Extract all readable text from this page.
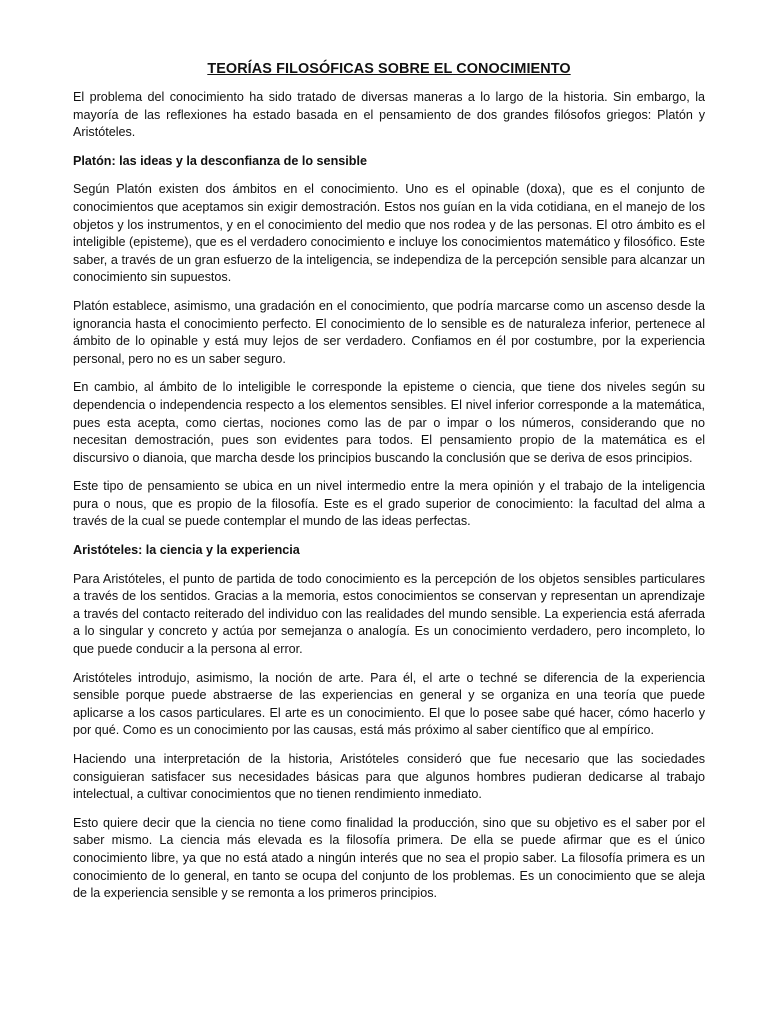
TEORÍAS FILOSÓFICAS SOBRE EL CONOCIMIENTO

El problema del conocimiento ha sido tratado de diversas maneras a lo largo de la historia. Sin embargo, la mayoría de las reflexiones ha estado basada en el pensamiento de dos grandes filósofos griegos: Platón y Aristóteles.

Platón: las ideas y la desconfianza de lo sensible

Según Platón existen dos ámbitos en el conocimiento. Uno es el opinable (doxa), que es el conjunto de conocimientos que aceptamos sin exigir demostración. Estos nos guían en la vida cotidiana, en el manejo de los objetos y los instrumentos, y en el conocimiento del medio que nos rodea y de las personas. El otro ámbito es el inteligible (episteme), que es el verdadero conocimiento e incluye los conocimientos matemático y filosófico. Este saber, a través de un gran esfuerzo de la inteligencia, se independiza de la percepción sensible para alcanzar un conocimiento sin supuestos.

Platón establece, asimismo, una gradación en el conocimiento, que podría marcarse como un ascenso desde la ignorancia hasta el conocimiento perfecto. El conocimiento de lo sensible es de naturaleza inferior, pertenece al ámbito de lo opinable y está muy lejos de ser verdadero. Confiamos en él por costumbre, por la experiencia personal, pero no es un saber seguro.

En cambio, al ámbito de lo inteligible le corresponde la episteme o ciencia, que tiene dos niveles según su dependencia o independencia respecto a los elementos sensibles. El nivel inferior corresponde a la matemática, pues esta acepta, como ciertas, nociones como las de par o impar o los números, considerando que no necesitan demostración, pues son evidentes para todos. El pensamiento propio de la matemática es el discursivo o dianoia, que marcha desde los principios buscando la conclusión que se deriva de esos principios.

Este tipo de pensamiento se ubica en un nivel intermedio entre la mera opinión y el trabajo de la inteligencia pura o nous, que es propio de la filosofía. Este es el grado superior de conocimiento: la facultad del alma a través de la cual se puede contemplar el mundo de las ideas perfectas.

Aristóteles: la ciencia y la experiencia

Para Aristóteles, el punto de partida de todo conocimiento es la percepción de los objetos sensibles particulares a través de los sentidos. Gracias a la memoria, estos conocimientos se conservan y representan un aprendizaje a través del contacto reiterado del individuo con las realidades del mundo sensible. La experiencia está aferrada a lo singular y concreto y actúa por semejanza o analogía. Es un conocimiento verdadero, pero incompleto, lo que puede conducir a la persona al error.

Aristóteles introdujo, asimismo, la noción de arte. Para él, el arte o techné se diferencia de la experiencia sensible porque puede abstraerse de las experiencias en general y se organiza en una teoría que puede aplicarse a los casos particulares. El arte es un conocimiento. El que lo posee sabe qué hacer, cómo hacerlo y por qué. Como es un conocimiento por las causas, está más próximo al saber científico que al empírico.

Haciendo una interpretación de la historia, Aristóteles consideró que fue necesario que las sociedades consiguieran satisfacer sus necesidades básicas para que algunos hombres pudieran dedicarse al trabajo intelectual, a cultivar conocimientos que no tienen rendimiento inmediato.

Esto quiere decir que la ciencia no tiene como finalidad la producción, sino que su objetivo es el saber por el saber mismo. La ciencia más elevada es la filosofía primera. De ella se puede afirmar que es el único conocimiento libre, ya que no está atado a ningún interés que no sea el propio saber. La filosofía primera es un conocimiento de lo general, en tanto se ocupa del conjunto de los problemas. Es un conocimiento que se aleja de la experiencia sensible y se remonta a los primeros principios.
